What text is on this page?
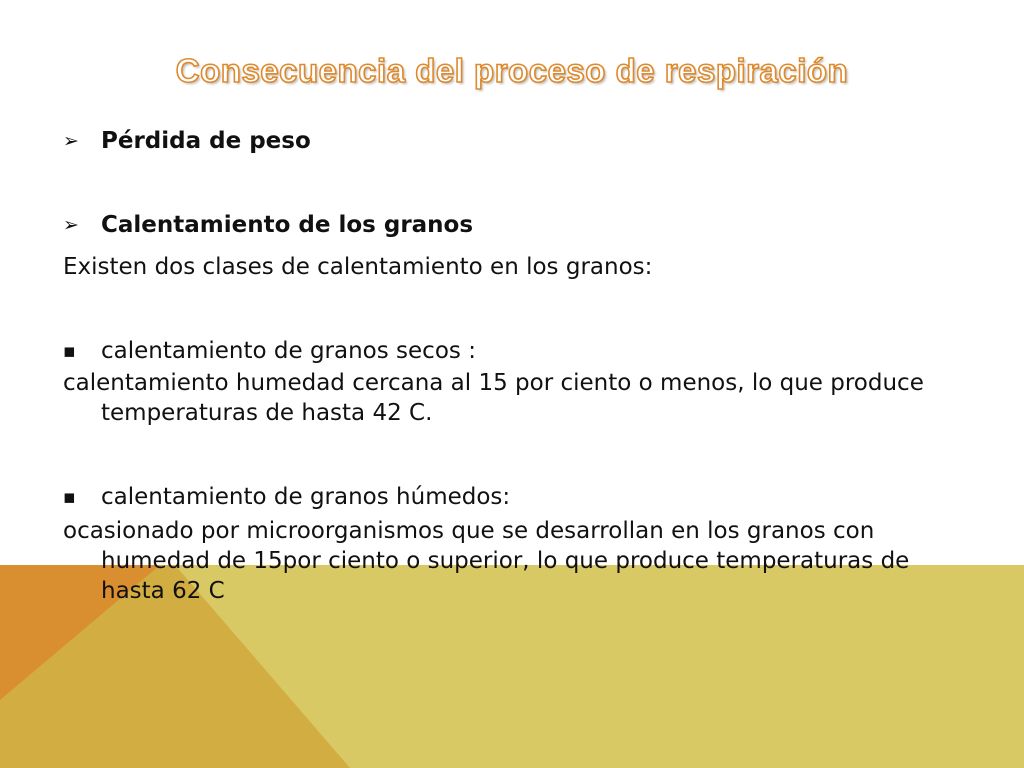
Consecuencia del proceso de respiración
➢ Pérdida de peso
➢ Calentamiento de los granos
Existen dos clases de calentamiento en los granos:
▪	calentamiento de granos secos :
calentamiento humedad cercana al 15 por ciento o menos, lo que produce temperaturas de hasta 42 C.
▪	calentamiento de granos húmedos:
ocasionado por microorganismos que se desarrollan en los granos con humedad de 15por ciento o superior, lo que produce temperaturas de hasta 62 C
